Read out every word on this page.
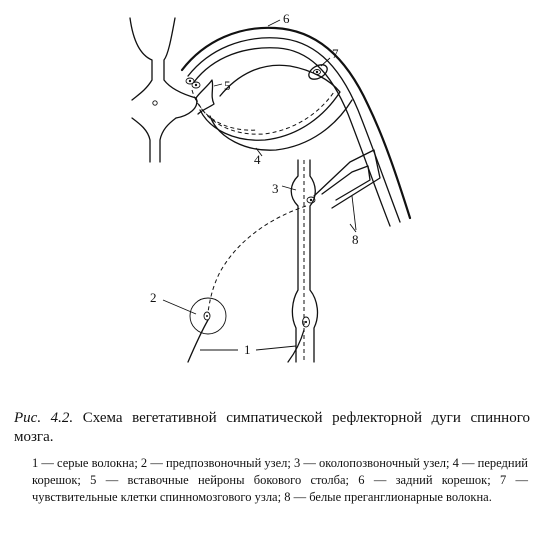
1
2
3
4
5
6
7
8
Рис. 4.2. Схема вегетативной симпатической рефлекторной дуги спинного мозга.
1 — серые волокна; 2 — предпозвоночный узел; 3 — околопозвоночный узел; 4 — передний корешок; 5 — вставочные нейроны бокового столба; 6 — задний корешок; 7 — чувствительные клетки спинномозгового узла; 8 — белые преганглионарные волокна.
